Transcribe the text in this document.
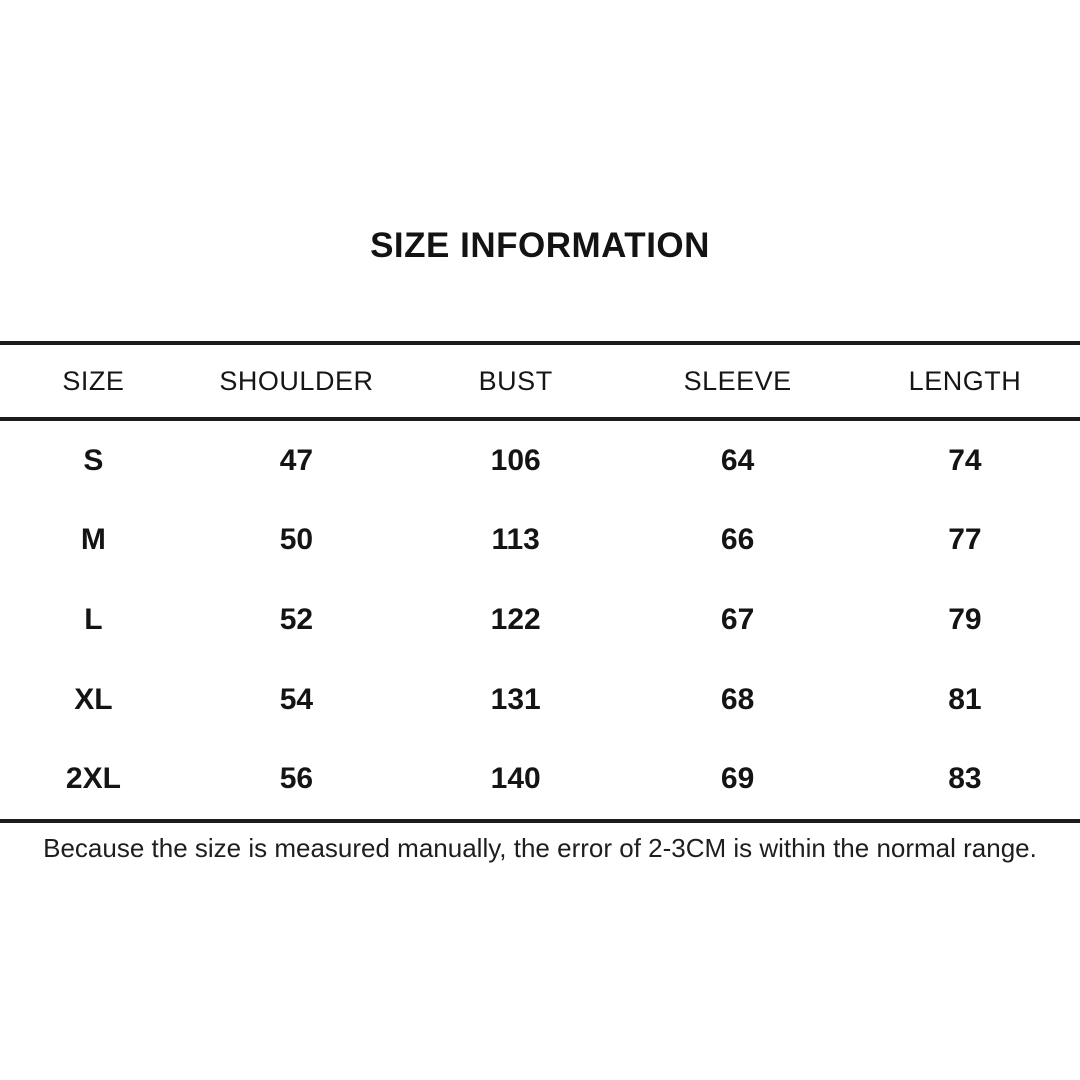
SIZE INFORMATION
SIZE	SHOULDER	BUST	SLEEVE	LENGTH
S	47	106	64	74
M	50	113	66	77
L	52	122	67	79
XL	54	131	68	81
2XL	56	140	69	83
Because the size is measured manually, the error of 2-3CM is within the normal range.
